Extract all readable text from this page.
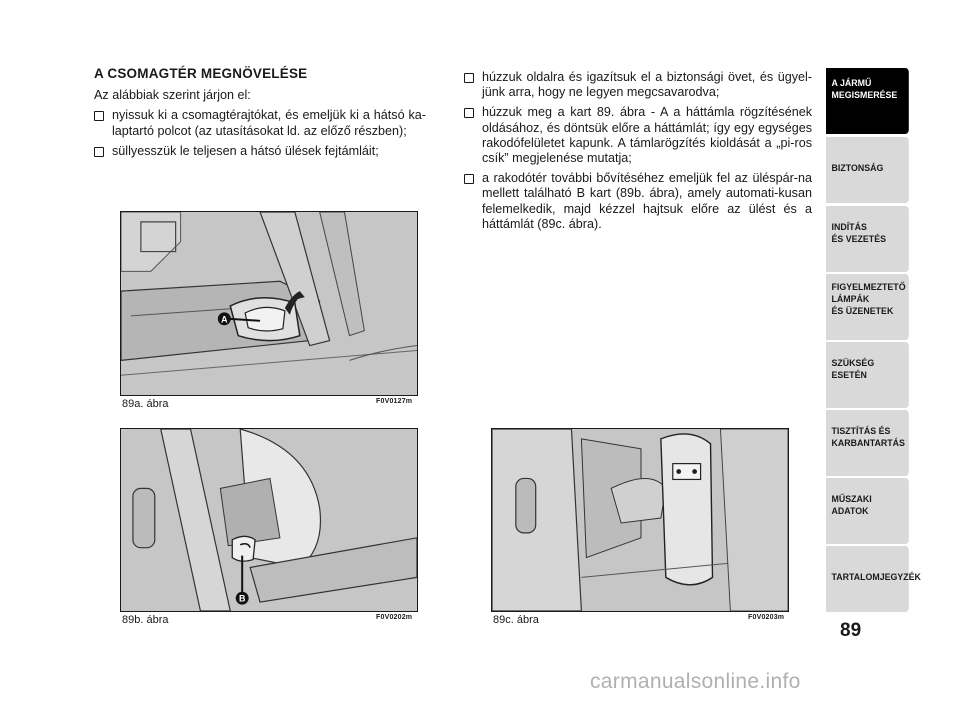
A CSOMAGTÉR MEGNÖVELÉSE
Az alábbiak szerint járjon el:
nyissuk ki a csomagtérajtókat, és emeljük ki a hátsó ka-laptartó polcot (az utasításokat ld. az előző részben);
süllyesszük le teljesen a hátsó ülések fejtámláit;
húzzuk oldalra és igazítsuk el a biztonsági övet, és ügyel-jünk arra, hogy ne legyen megcsavarodva;
húzzuk meg a kart 89. ábra - A a háttámla rögzítésének oldásához, és döntsük előre a háttámlát; így egy egységes rakodófelületet kapunk. A támlarögzítés kioldását a „pi-ros csík” megjelenése mutatja;
a rakodótér további bővítéséhez emeljük fel az üléspár-na mellett található B kart (89b. ábra), amely automati-kusan felemelkedik, majd kézzel hajtsuk előre az ülést és a háttámlát (89c. ábra).
A
89a. ábra	F0V0127m
B
89b. ábra	F0V0202m	89c. ábra	F0V0203m
A JÁRMŰ
MEGISMERÉSE
BIZTONSÁG
INDÍTÁS
ÉS VEZETÉS
FIGYELMEZTETŐ
LÁMPÁK
ÉS ÜZENETEK
SZÜKSÉG
ESETÉN
TISZTÍTÁS ÉS
KARBANTARTÁS
MŰSZAKI
ADATOK
TARTALOMJEGYZÉK
89
carmanualsonline.info
